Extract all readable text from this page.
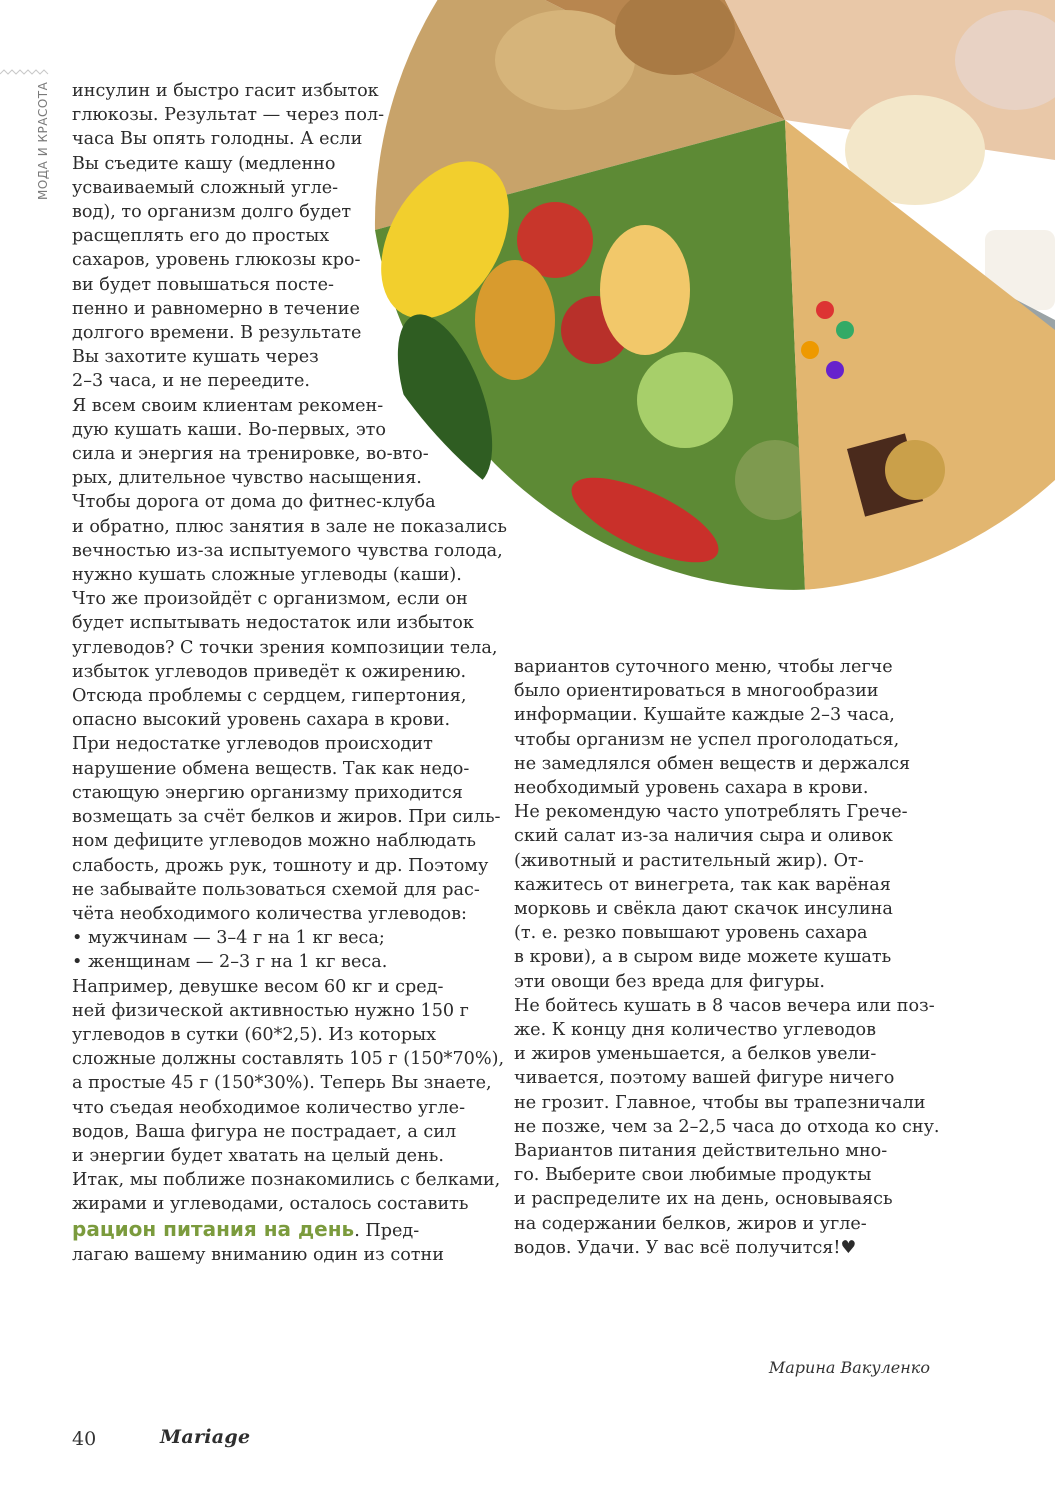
МОДА И КРАСОТА инсулин и быстро гасит избыток
глюкозы. Результат — через пол-
часа Вы опять голодны. А если
Вы съедите кашу (медленно
усваиваемый сложный угле-
вод), то организм долго будет
расщеплять его до простых
сахаров, уровень глюкозы кро-
ви будет повышаться посте-
пенно и равномерно в течение
долгого времени. В результате
Вы захотите кушать через
2–3 часа, и не переедите.

Я всем своим клиентам рекомен-
дую кушать каши. Во-первых, это
сила и энергия на тренировке, во-вто-
рых, длительное чувство насыщения.
Чтобы дорога от дома до фитнес-клуба
и обратно, плюс занятия в зале не показались
вечностью из-за испытуемого чувства голода,
нужно кушать сложные углеводы (каши).

Что же произойдёт с организмом, если он
будет испытывать недостаток или избыток
углеводов? С точки зрения композиции тела,
избыток углеводов приведёт к ожирению.
Отсюда проблемы с сердцем, гипертония,
опасно высокий уровень сахара в крови.
При недостатке углеводов происходит
нарушение обмена веществ. Так как недо-
стающую энергию организму приходится
возмещать за счёт белков и жиров. При силь-
ном дефиците углеводов можно наблюдать
слабость, дрожь рук, тошноту и др. Поэтому
не забывайте пользоваться схемой для рас-
чёта необходимого количества углеводов:

• мужчинам — 3–4 г на 1 кг веса;
• женщинам — 2–3 г на 1 кг веса.

Например, девушке весом 60 кг и сред-
ней физической активностью нужно 150 г
углеводов в сутки (60*2,5). Из которых
сложные должны составлять 105 г (150*70%),
а простые 45 г (150*30%). Теперь Вы знаете,
что съедая необходимое количество угле-
водов, Ваша фигура не пострадает, а сил
и энергии будет хватать на целый день.

Итак, мы поближе познакомились с белками,
жирами и углеводами, осталось составить
рацион питания на день. Пред-
лагаю вашему вниманию один из сотни

вариантов суточного меню, чтобы легче
было ориентироваться в многообразии
информации. Кушайте каждые 2–3 часа,
чтобы организм не успел проголодаться,
не замедлялся обмен веществ и держался
необходимый уровень сахара в крови.

Не рекомендую часто употреблять Грече-
ский салат из-за наличия сыра и оливок
(животный и растительный жир). От-
кажитесь от винегрета, так как варёная
морковь и свёкла дают скачок инсулина
(т. е. резко повышают уровень сахара
в крови), а в сыром виде можете кушать
эти овощи без вреда для фигуры.

Не бойтесь кушать в 8 часов вечера или поз-
же. К концу дня количество углеводов
и жиров уменьшается, а белков увели-
чивается, поэтому вашей фигуре ничего
не грозит. Главное, чтобы вы трапезничали
не позже, чем за 2–2,5 часа до отхода ко сну.

Вариантов питания действительно мно-
го. Выберите свои любимые продукты
и распределите их на день, основываясь
на содержании белков, жиров и угле-
водов. Удачи. У вас всё получится!♥

Марина Вакуленко
40	Mariage
